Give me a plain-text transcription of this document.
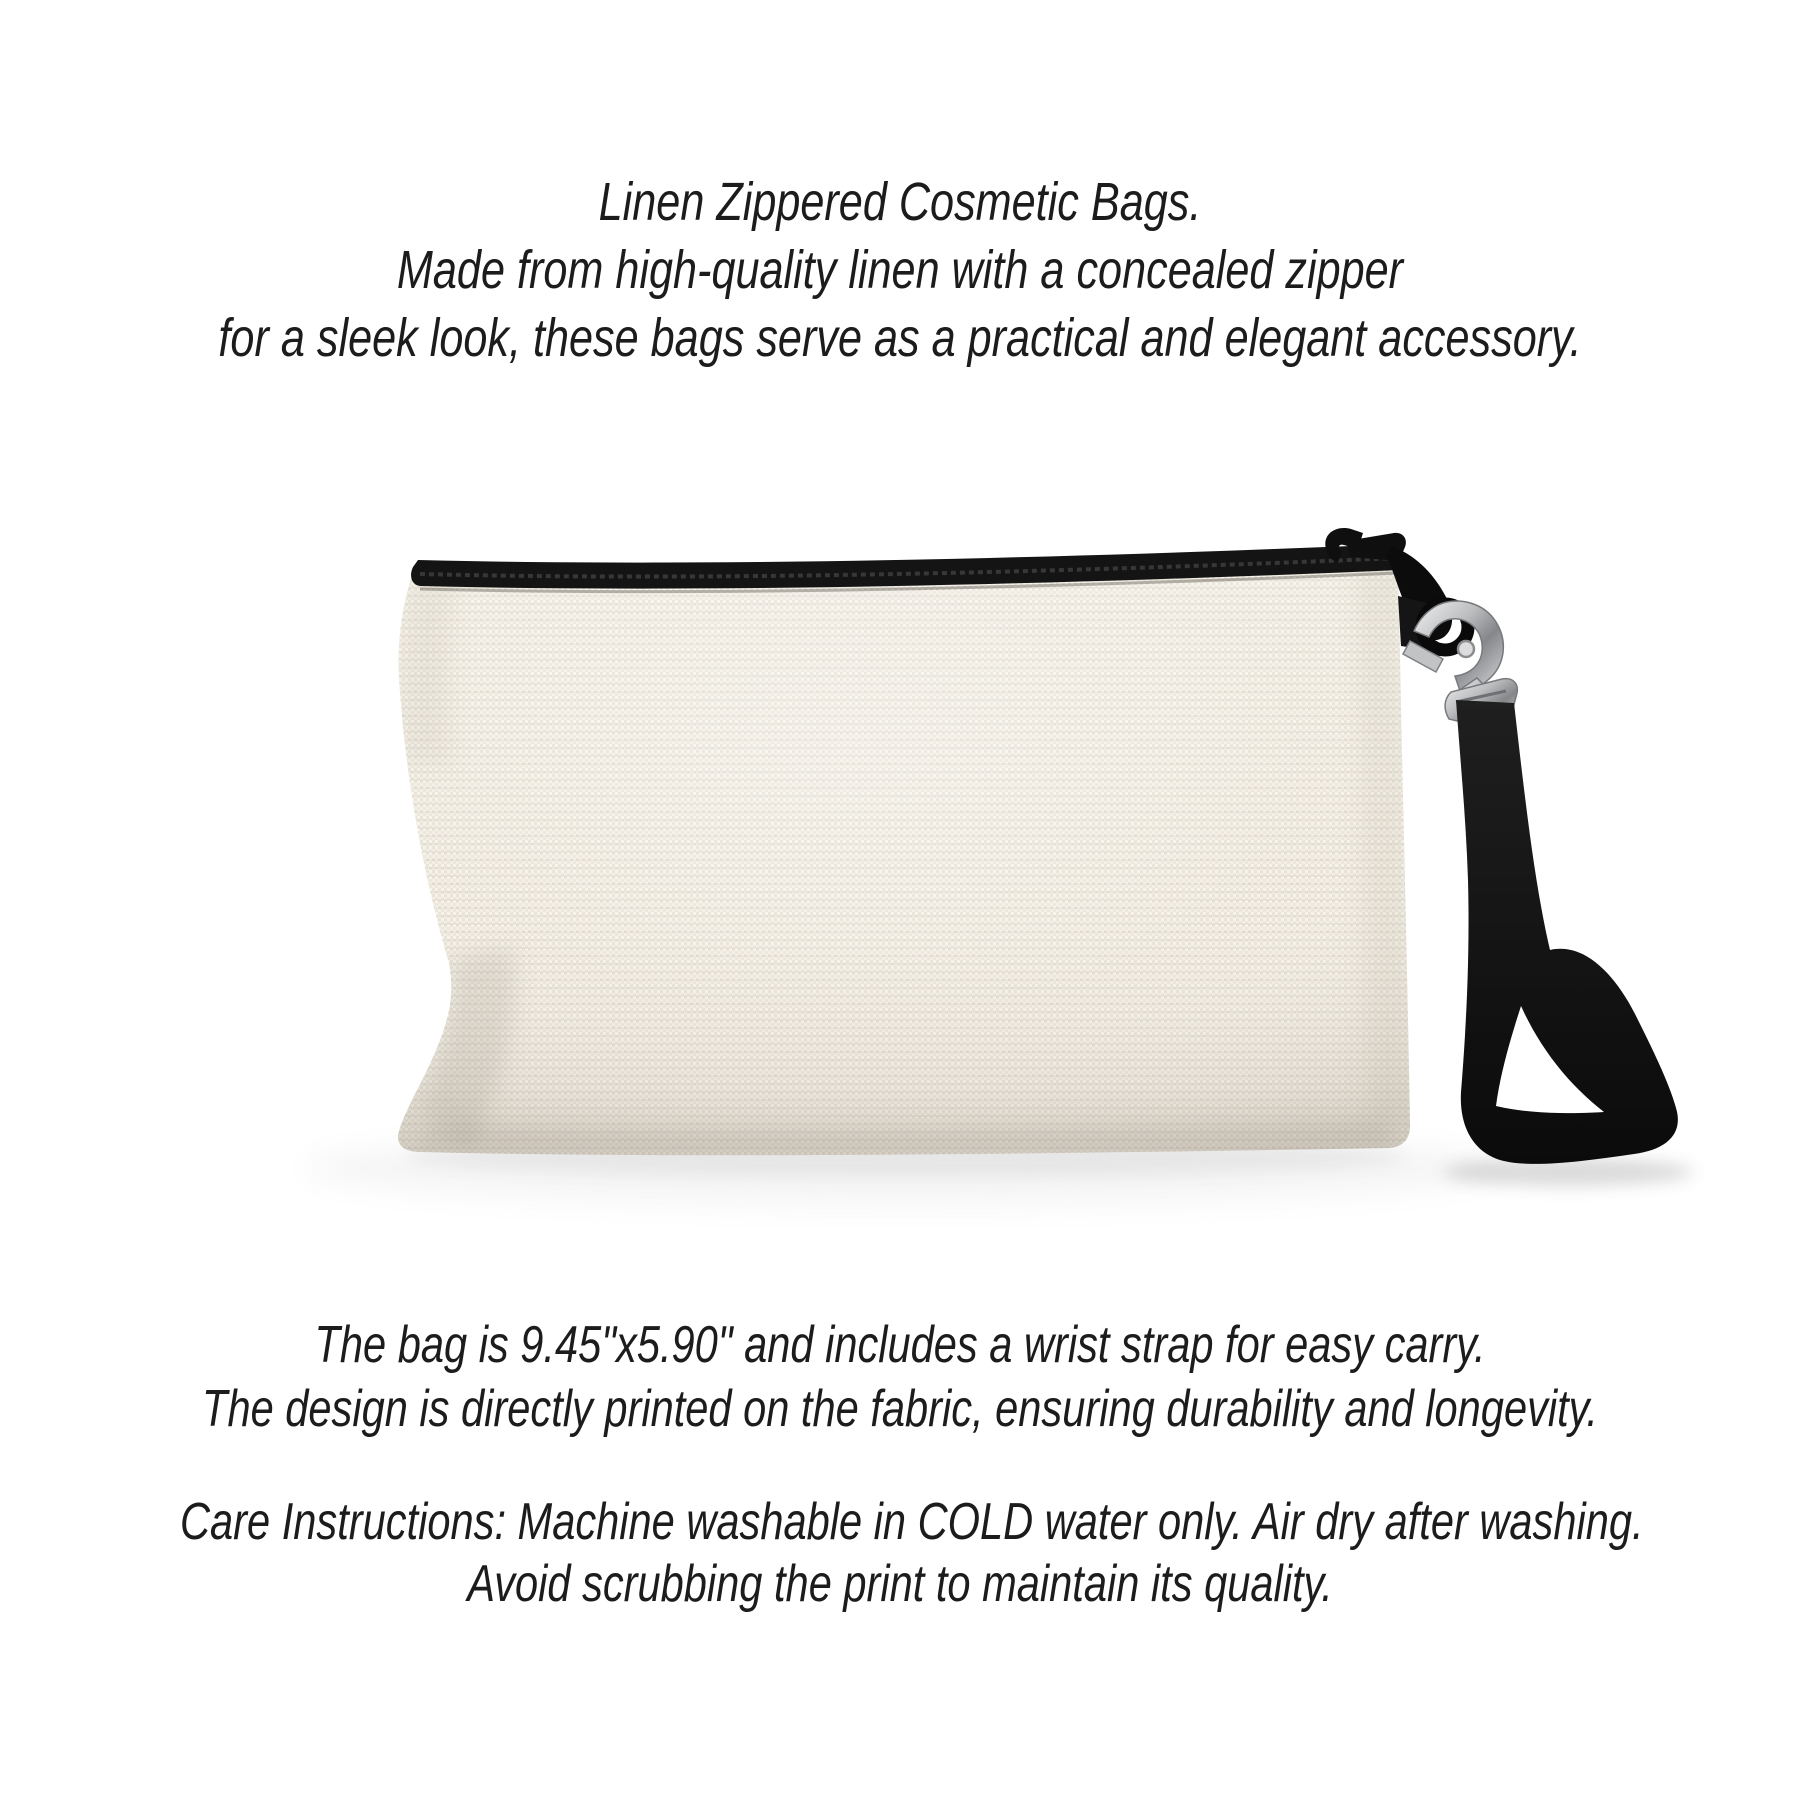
Linen Zippered Cosmetic Bags.
Made from high-quality linen with a concealed zipper
for a sleek look, these bags serve as a practical and elegant accessory.
The bag is 9.45"x5.90" and includes a wrist strap for easy carry.
The design is directly printed on the fabric, ensuring durability and longevity.
Care Instructions: Machine washable in COLD water only. Air dry after washing.
Avoid scrubbing the print to maintain its quality.
